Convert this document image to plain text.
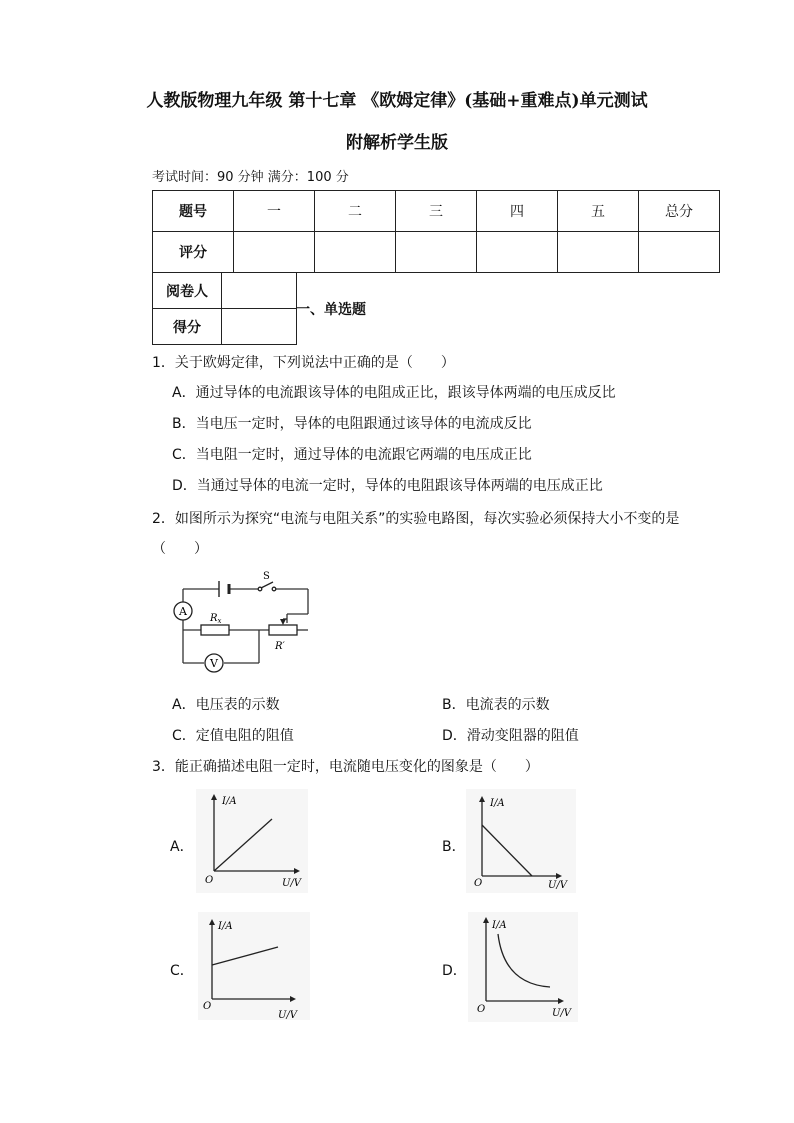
人教版物理九年级 第十七章 《欧姆定律》(基础+重难点)单元测试
附解析学生版
考试时间：90 分钟 满分：100 分
题号	一	二	三	四	五	总分
评分						
阅卷人	
得分	
一、单选题
1．关于欧姆定律，下列说法中正确的是（　　）
A．通过导体的电流跟该导体的电阻成正比，跟该导体两端的电压成反比
B．当电压一定时，导体的电阻跟通过该导体的电流成反比
C．当电阻一定时，通过导体的电流跟它两端的电压成正比
D．当通过导体的电流一定时，导体的电阻跟该导体两端的电压成正比
2．如图所示为探究“电流与电阻关系”的实验电路图，每次实验必须保持大小不变的是
（　　）
S
A
$R_x$
R′
V
A．电压表的示数	B．电流表的示数
C．定值电阻的阻值	D．滑动变阻器的阻值
3．能正确描述电阻一定时，电流随电压变化的图象是（　　）
A．	B．
C．	D．
I/A
U/V
O
I/A
U/V
O
I/A
U/V
O
I/A
U/V
O
